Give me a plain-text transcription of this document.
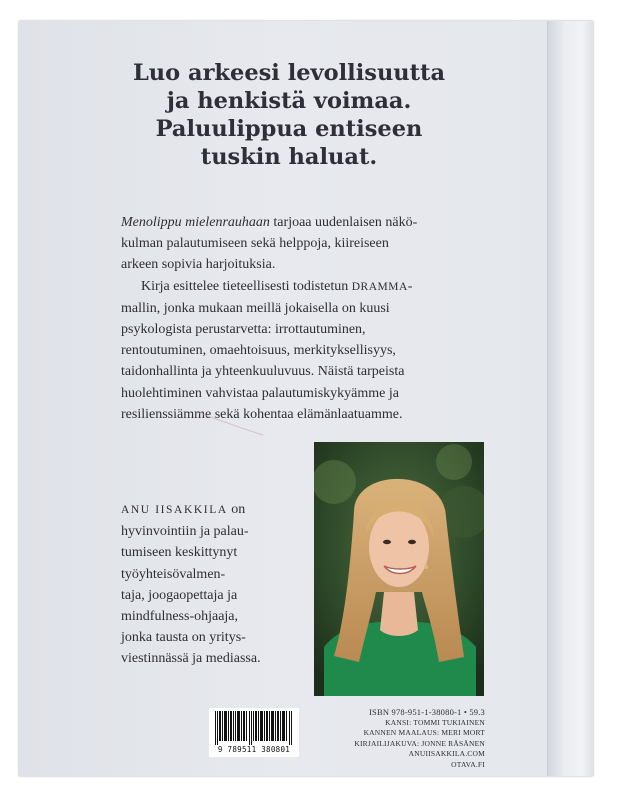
Luo arkeesi levollisuutta
ja henkistä voimaa.
Paluulippua entiseen
tuskin haluat.

Menolippu mielenrauhaan tarjoaa uudenlaisen näkö-
kulman palautumiseen sekä helppoja, kiireiseen
arkeen sopivia harjoituksia.

Kirja esittelee tieteellisesti todistetun DRAMMA-
mallin, jonka mukaan meillä jokaisella on kuusi
psykologista perustarvetta: irrottautuminen,
rentoutuminen, omaehtoisuus, merkityksellisyys,
taidonhallinta ja yhteenkuuluvuus. Näistä tarpeista
huolehtiminen vahvistaa palautumiskykyämme ja
resilienssiämme sekä kohentaa elämänlaatuamme.

ANU IISAKKILA on
hyvinvointiin ja palau-
tumiseen keskittynyt
työyhteisövalmen-
taja, joogaopettaja ja
mindfulness-ohjaaja,
jonka tausta on yritys-
viestinnässä ja mediassa.
9 789511 380801
ISBN 978-951-1-38080-1 • 59.3
KANSI: TOMMI TUKIAINEN
KANNEN MAALAUS: MERI MORT
KIRJAILIJAKUVA: JONNE RÄSÄNEN
ANUIISAKKILA.COM
OTAVA.FI
